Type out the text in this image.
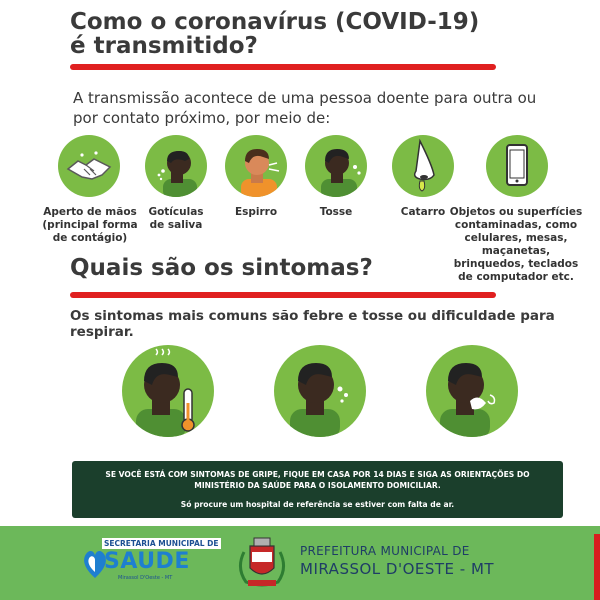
Como o coronavírus (COVID-19)
é transmitido?
A transmissão acontece de uma pessoa doente para outra ou
por contato próximo, por meio de:
Aperto de mãos
(principal forma
de contágio)
Gotículas
de saliva
Espirro	Tosse	Catarro Objetos ou superfícies
contaminadas, como
celulares, mesas, maçanetas,
brinquedos, teclados
de computador etc.
Quais são os sintomas?
Os sintomas mais comuns são febre e tosse ou dificuldade para respirar.
SE VOCÊ ESTÁ COM SINTOMAS DE GRIPE, FIQUE EM CASA POR 14 DIAS E SIGA AS ORIENTAÇÕES DO MINISTÉRIO DA SAÚDE PARA O ISOLAMENTO DOMICILIAR.
Só procure um hospital de referência se estiver com falta de ar.
SECRETARIA MUNICIPAL DE
SAUDE
Mirassol D'Oeste - MT
PREFEITURA MUNICIPAL DE
MIRASSOL D'OESTE - MT
